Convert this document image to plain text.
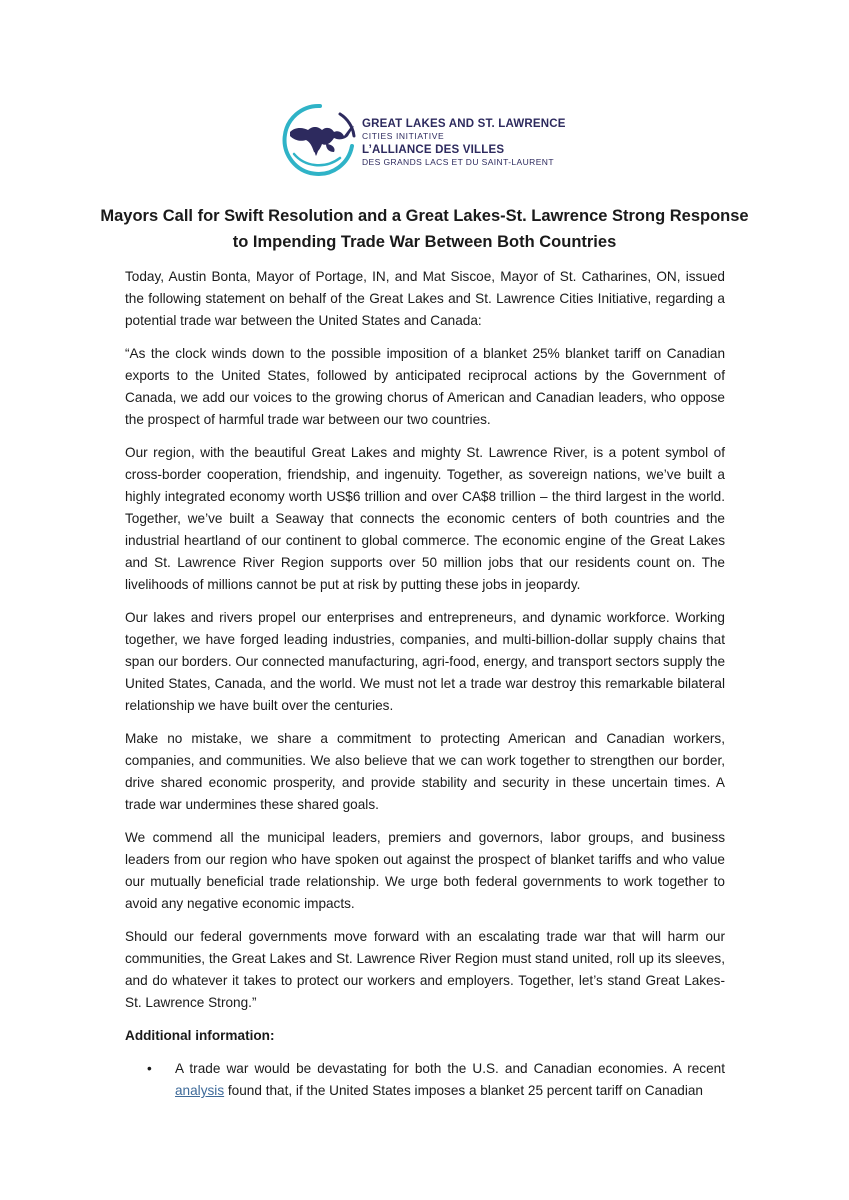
GREAT LAKES AND ST. LAWRENCE
CITIES INITIATIVE
L’ALLIANCE DES VILLES
DES GRANDS LACS ET DU SAINT-LAURENT
Mayors Call for Swift Resolution and a Great Lakes-St. Lawrence Strong Response to Impending Trade War Between Both Countries

Today, Austin Bonta, Mayor of Portage, IN, and Mat Siscoe, Mayor of St. Catharines, ON, issued the following statement on behalf of the Great Lakes and St. Lawrence Cities Initiative, regarding a potential trade war between the United States and Canada:

“As the clock winds down to the possible imposition of a blanket 25% blanket tariff on Canadian exports to the United States, followed by anticipated reciprocal actions by the Government of Canada, we add our voices to the growing chorus of American and Canadian leaders, who oppose the prospect of harmful trade war between our two countries.

Our region, with the beautiful Great Lakes and mighty St. Lawrence River, is a potent symbol of cross-border cooperation, friendship, and ingenuity. Together, as sovereign nations, we’ve built a highly integrated economy worth US$6 trillion and over CA$8 trillion – the third largest in the world. Together, we’ve built a Seaway that connects the economic centers of both countries and the industrial heartland of our continent to global commerce. The economic engine of the Great Lakes and St. Lawrence River Region supports over 50 million jobs that our residents count on. The livelihoods of millions cannot be put at risk by putting these jobs in jeopardy.

Our lakes and rivers propel our enterprises and entrepreneurs, and dynamic workforce. Working together, we have forged leading industries, companies, and multi-billion-dollar supply chains that span our borders. Our connected manufacturing, agri-food, energy, and transport sectors supply the United States, Canada, and the world. We must not let a trade war destroy this remarkable bilateral relationship we have built over the centuries.

Make no mistake, we share a commitment to protecting American and Canadian workers, companies, and communities. We also believe that we can work together to strengthen our border, drive shared economic prosperity, and provide stability and security in these uncertain times. A trade war undermines these shared goals.

We commend all the municipal leaders, premiers and governors, labor groups, and business leaders from our region who have spoken out against the prospect of blanket tariffs and who value our mutually beneficial trade relationship. We urge both federal governments to work together to avoid any negative economic impacts.

Should our federal governments move forward with an escalating trade war that will harm our communities, the Great Lakes and St. Lawrence River Region must stand united, roll up its sleeves, and do whatever it takes to protect our workers and employers. Together, let’s stand Great Lakes-St. Lawrence Strong.”

Additional information:

• A trade war would be devastating for both the U.S. and Canadian economies. A recent analysis found that, if the United States imposes a blanket 25 percent tariff on Canadian
